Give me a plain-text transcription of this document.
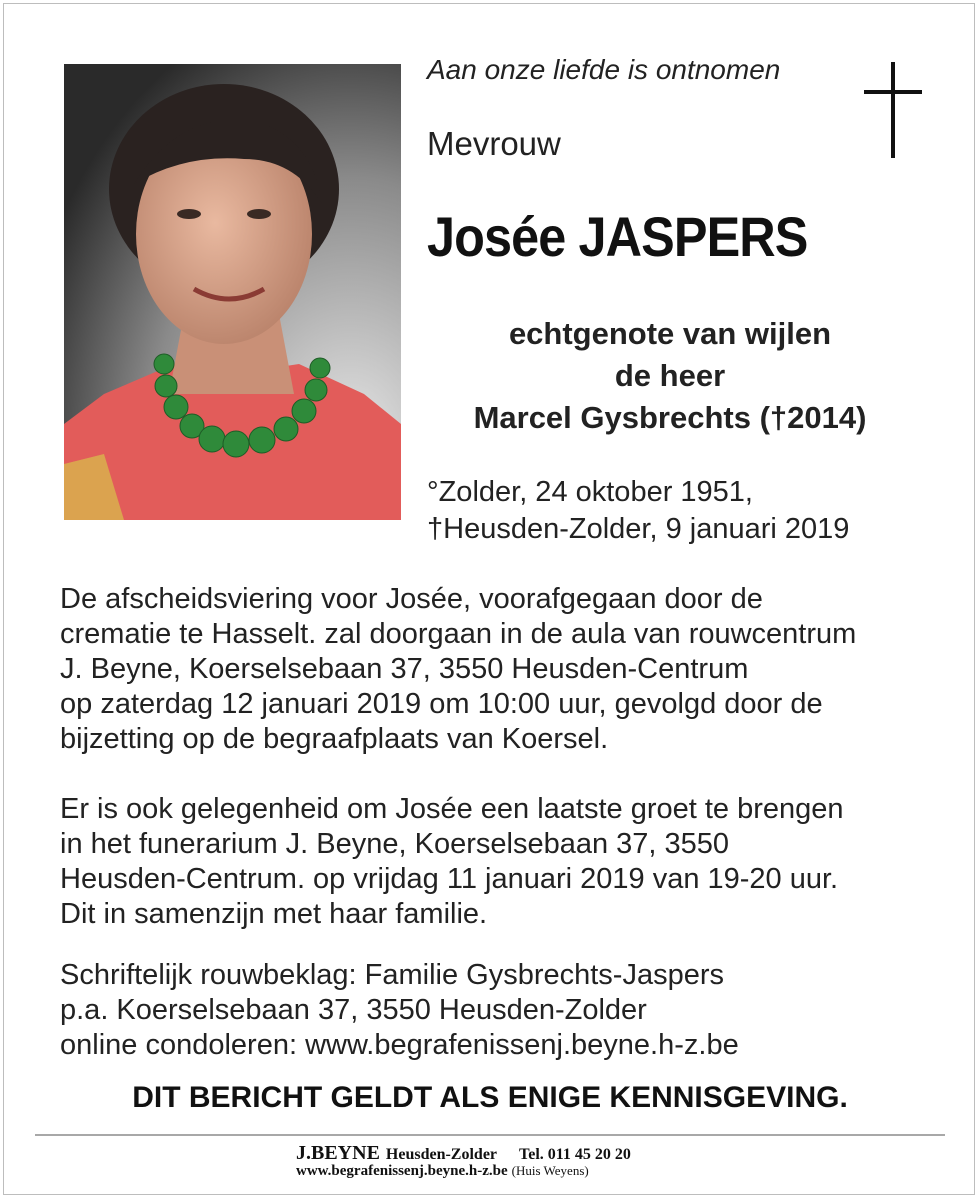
Aan onze liefde is ontnomen
Mevrouw
Josée JASPERS
echtgenote van wijlen
de heer
Marcel Gysbrechts (†2014)
°Zolder, 24 oktober 1951,
†Heusden-Zolder, 9 januari 2019
De afscheidsviering voor Josée, voorafgegaan door de
crematie te Hasselt. zal doorgaan in de aula van rouwcentrum
J. Beyne, Koerselsebaan 37, 3550 Heusden-Centrum
op zaterdag 12 januari 2019 om 10:00 uur, gevolgd door de
bijzetting op de begraafplaats van Koersel.
Er is ook gelegenheid om Josée een laatste groet te brengen
in het funerarium J. Beyne, Koerselsebaan 37, 3550
Heusden-Centrum. op vrijdag 11 januari 2019 van 19-20 uur.
Dit in samenzijn met haar familie.
Schriftelijk rouwbeklag: Familie Gysbrechts-Jaspers
p.a. Koerselsebaan 37, 3550 Heusden-Zolder
online condoleren: www.begrafenissenj.beyne.h-z.be
DIT BERICHT GELDT ALS ENIGE KENNISGEVING.
J.BEYNE Heusden-Zolder Tel. 011 45 20 20
www.begrafenissenj.beyne.h-z.be (Huis Weyens)
